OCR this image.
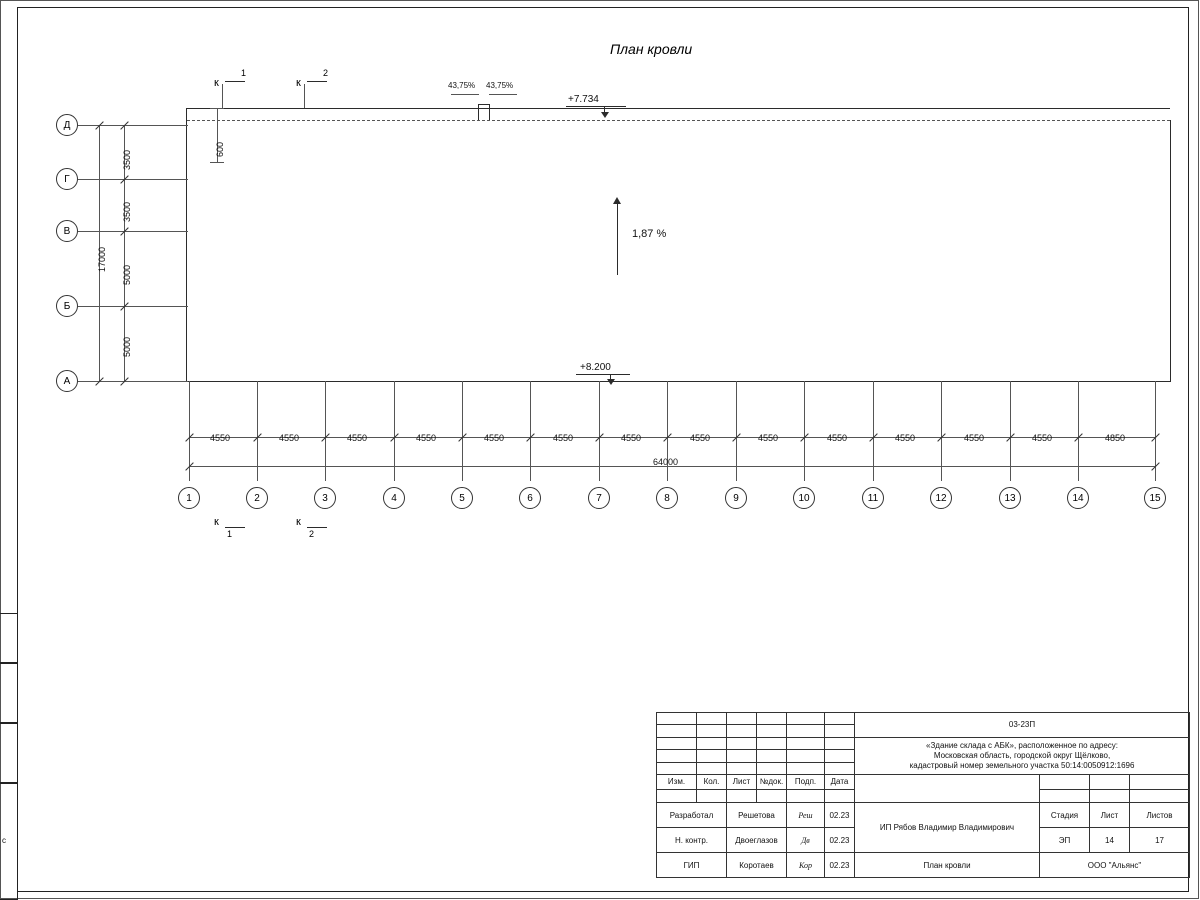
с
План кровли
600
43,75% 43,75%
1,87 %
+7.734
+8.200
к
1
к
2
к
1
к
2
Д
Г
В
Б
А
3500
3500
5000
5000
17000
4550	4550	4550	4550	4550	4550	4550	4550	4550	4550	4550	4550	4550	4850
64000
1	2	3	4	5	6	7	8	9	10	11	12	13	14	15
						03-23П			

						«Здание склада с АБК», расположенное по адресу:
Московская область, городской округ Щёлково,
кадастровый номер земельного участка 50:14:0050912:1696			

Изм.	Кол.	Лист	№док.	Подп.	Дата				

Разработал		Решетова		Реш	02.23	ИП Рябов Владимир Владимирович	Стадия	Лист	Листов
Н. контр.		Двоеглазов		Дв	02.23		ЭП	14	17
ГИП		Коротаев		Кор	02.23	План кровли	ООО "Альянс"		
